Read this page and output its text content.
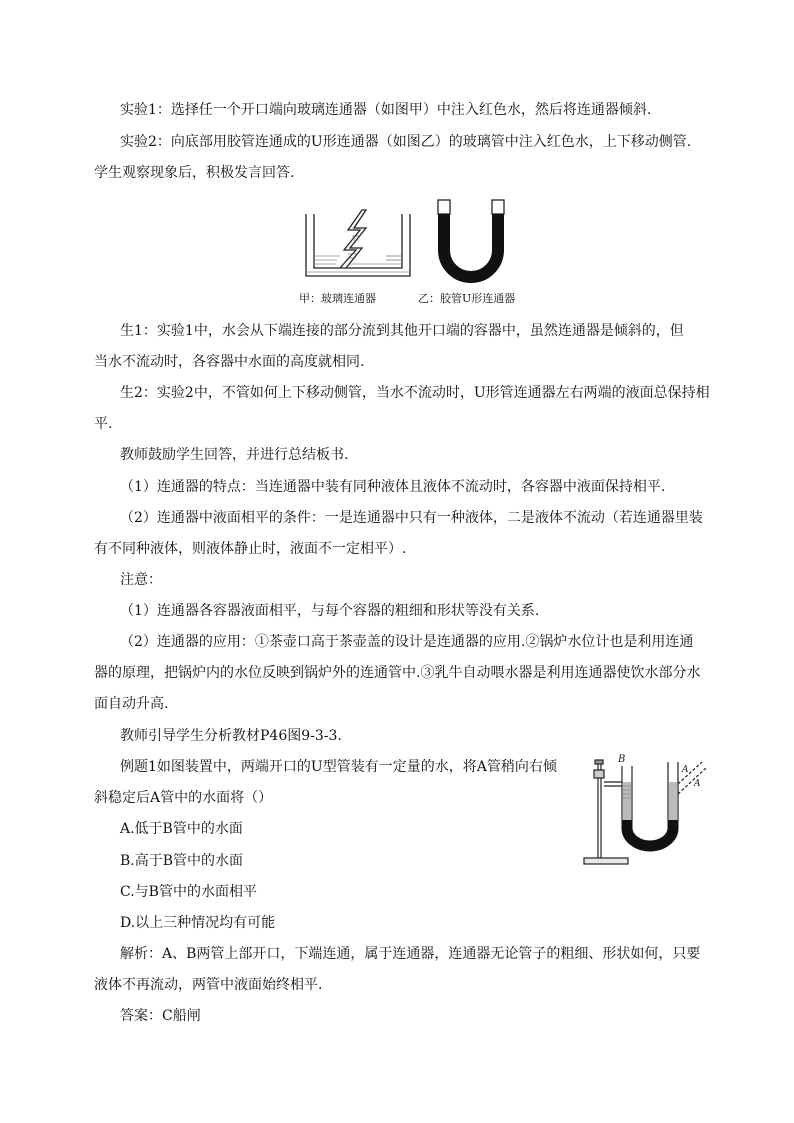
实验1：选择任一个开口端向玻璃连通器（如图甲）中注入红色水，然后将连通器倾斜.
实验2：向底部用胶管连通成的U形连通器（如图乙）的玻璃管中注入红色水，上下移动侧管.
学生观察现象后，积极发言回答.
甲：玻璃连通器	乙：胶管U形连通器
生1：实验1中，水会从下端连接的部分流到其他开口端的容器中，虽然连通器是倾斜的，但
当水不流动时，各容器中水面的高度就相同.
生2：实验2中，不管如何上下移动侧管，当水不流动时，U形管连通器左右两端的液面总保持相
平.
教师鼓励学生回答，并进行总结板书.
（1）连通器的特点：当连通器中装有同种液体且液体不流动时，各容器中液面保持相平.
（2）连通器中液面相平的条件：一是连通器中只有一种液体，二是液体不流动（若连通器里装
有不同种液体，则液体静止时，液面不一定相平）.
注意：
（1）连通器各容器液面相平，与每个容器的粗细和形状等没有关系.
（2）连通器的应用：①茶壶口高于茶壶盖的设计是连通器的应用.②锅炉水位计也是利用连通
器的原理，把锅炉内的水位反映到锅炉外的连通管中.③乳牛自动喂水器是利用连通器使饮水部分水
面自动升高.
教师引导学生分析教材P46图9-3-3.
例题1如图装置中，两端开口的U型管装有一定量的水，将A管稍向右倾
斜稳定后A管中的水面将（）
A.低于B管中的水面
B.高于B管中的水面
C.与B管中的水面相平
D.以上三种情况均有可能
解析：A、B两管上部开口，下端连通，属于连通器，连通器无论管子的粗细、形状如何，只要
液体不再流动，两管中液面始终相平.
答案：C船闸
B
A
A
